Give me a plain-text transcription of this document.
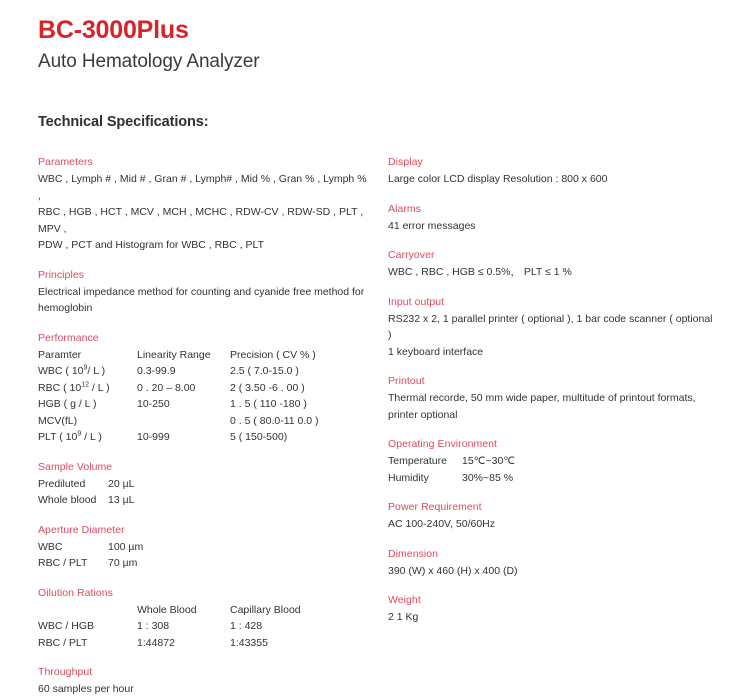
BC-3000Plus
Auto Hematology Analyzer
Technical Specifications:
Parameters

WBC , Lymph # , Mid # , Gran # , Lymph# , Mid % , Gran % , Lymph % ,

RBC , HGB , HCT , MCV , MCH , MCHC , RDW-CV , RDW-SD , PLT , MPV ,

PDW , PCT and Histogram for WBC , RBC , PLT

Principles

Electrical impedance method for counting and cyanide free method for

hemoglobin

Performance
Paramter	Linearity Range	Precision ( CV % )
WBC ( $10^9/$ L )	0.3-99.9	2.5 ( 7.0-15.0 )
RBC ( $10^{12}$ / L )	0 . 20 – 8.00	2 ( 3.50 -6 . 00 )
HGB ( g / L )	10-250	1 . 5 ( 110 -180 )
MCV(fL)		0 . 5 ( 80.0-11 0.0 )
PLT ( $10^9$ / L )	10-999	5 ( 150-500)
Sample Volume
Prediluted	20 µL
Whole blood	13 µL
Aperture Diameter
WBC	100 µm
RBC / PLT	70 µm
Oilution Rations
	Whole Blood	Capillary Blood
WBC / HGB	1 : 308	1 : 428
RBC / PLT	1:44872	1:43355
Throughput

60 samples per hour

Display

Large color LCD display Resolution : 800 x 600

Alarms

41 error messages

Carryover

WBC , RBC , HGB ≤ 0.5%， PLT ≤ 1 %

Input output

RS232 x 2, 1 parallel printer ( optional ), 1 bar code scanner ( optional )

1 keyboard interface

Printout

Thermal recorde, 50 mm wide paper, multitude of printout formats,

printer optional

Operating Environment
Temperature	15℃~30℃
Humidity	30%~85 %
Power Requirement

AC 100-240V, 50/60Hz

Dimension

390 (W) x 460 (H) x 400 (D)

Weight

2 1 Kg
